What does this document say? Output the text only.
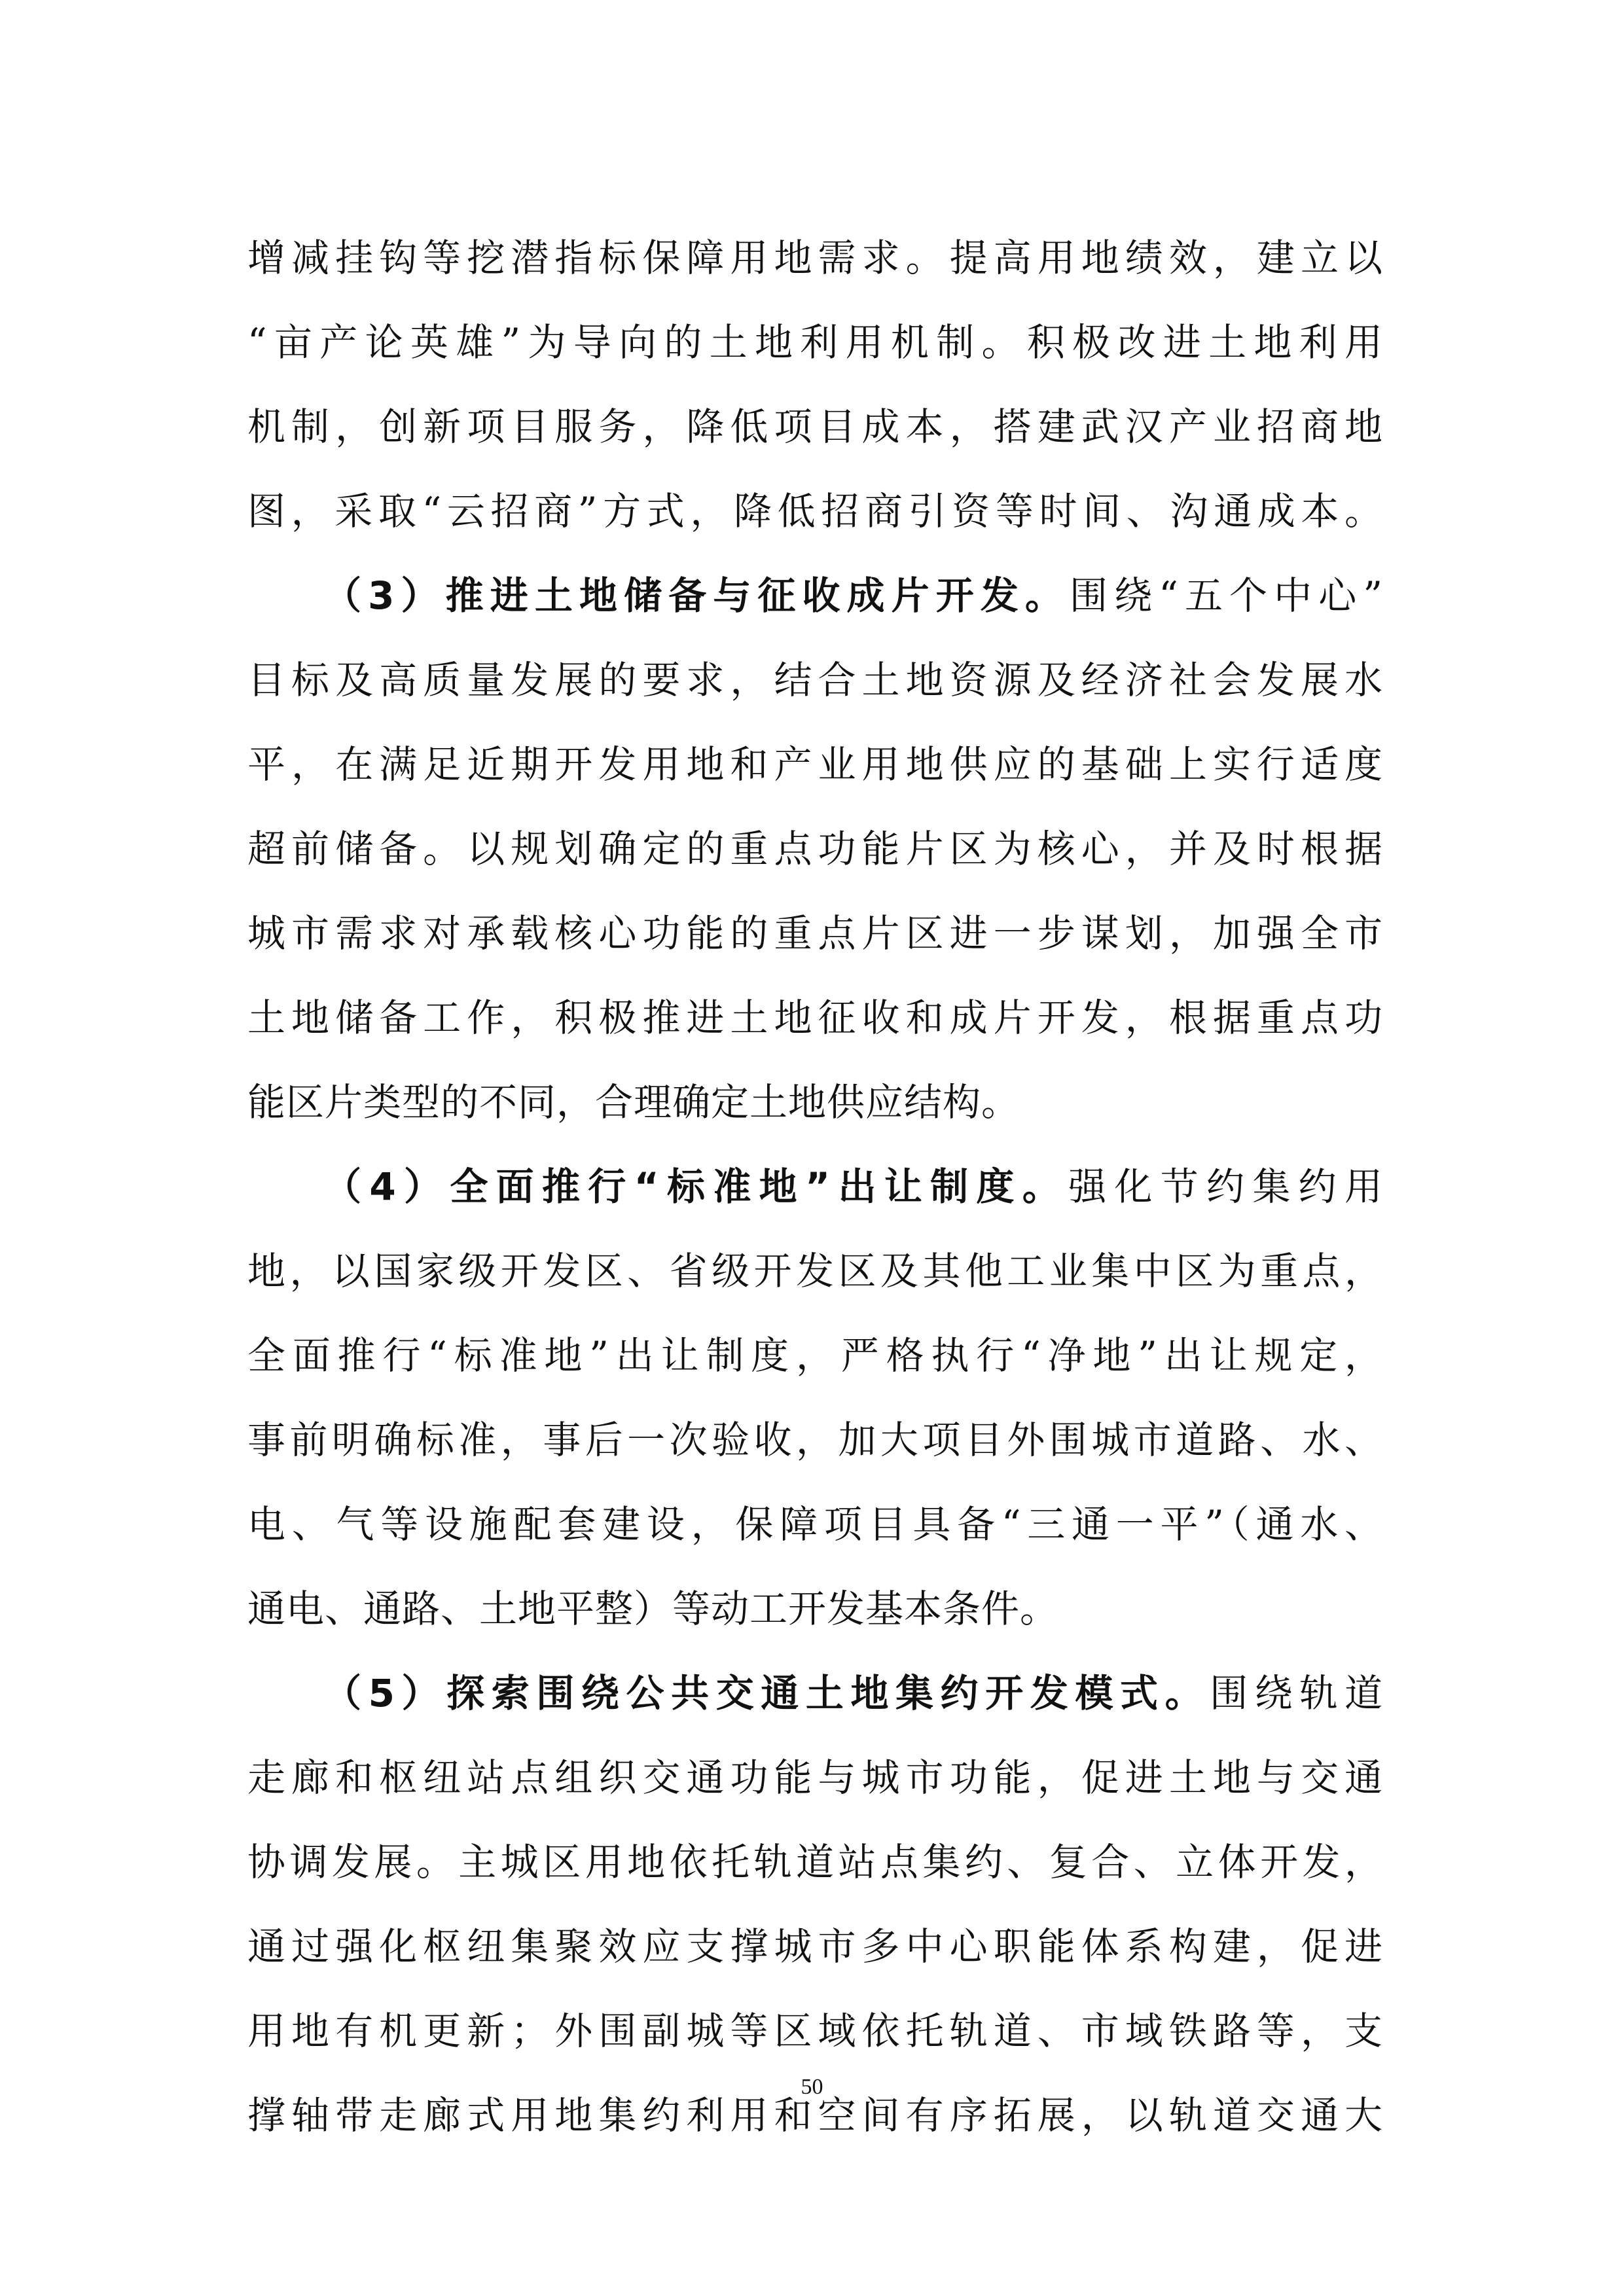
增减挂钩等挖潜指标保障用地需求。提高用地绩效，建立以
“亩产论英雄”为导向的土地利用机制。积极改进土地利用
机制，创新项目服务，降低项目成本，搭建武汉产业招商地
图，采取“云招商”方式，降低招商引资等时间、沟通成本。
（3）推进土地储备与征收成片开发。围绕“五个中心”
目标及高质量发展的要求，结合土地资源及经济社会发展水
平，在满足近期开发用地和产业用地供应的基础上实行适度
超前储备。以规划确定的重点功能片区为核心，并及时根据
城市需求对承载核心功能的重点片区进一步谋划，加强全市
土地储备工作，积极推进土地征收和成片开发，根据重点功
能区片类型的不同，合理确定土地供应结构。
（4）全面推行“标准地”出让制度。强化节约集约用
地，以国家级开发区、省级开发区及其他工业集中区为重点，
全面推行“标准地”出让制度，严格执行“净地”出让规定，
事前明确标准，事后一次验收，加大项目外围城市道路、水、
电、气等设施配套建设，保障项目具备“三通一平”（通水、
通电、通路、土地平整）等动工开发基本条件。
（5）探索围绕公共交通土地集约开发模式。围绕轨道
走廊和枢纽站点组织交通功能与城市功能，促进土地与交通
协调发展。主城区用地依托轨道站点集约、复合、立体开发，
通过强化枢纽集聚效应支撑城市多中心职能体系构建，促进
用地有机更新；外围副城等区域依托轨道、市域铁路等，支
撑轴带走廊式用地集约利用和空间有序拓展，以轨道交通大
50
